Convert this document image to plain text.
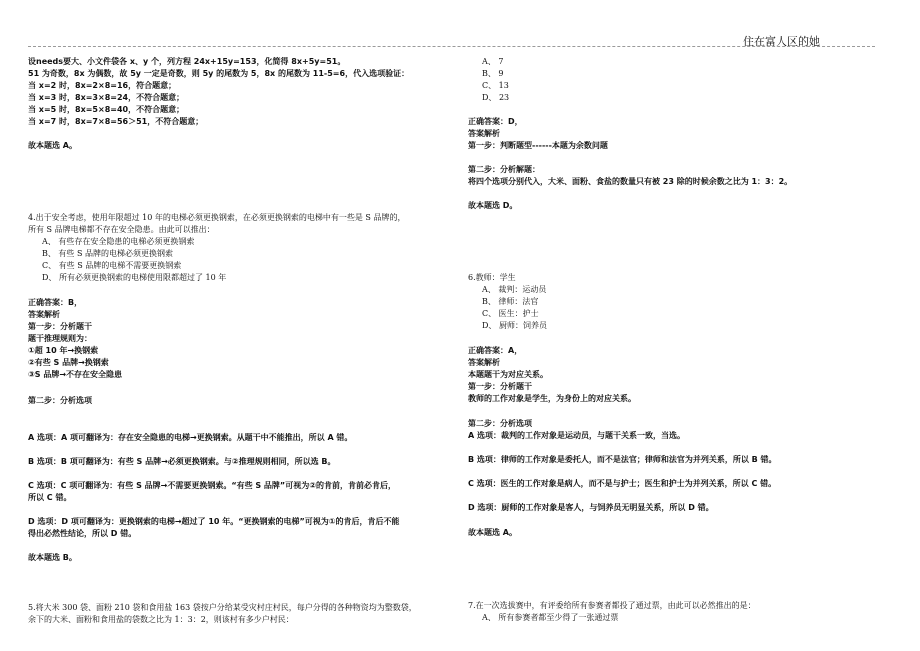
住在富人区的她
设needs要大、小文件袋各 x、y 个，列方程 24x+15y=153，化简得 8x+5y=51。
51 为奇数，8x 为偶数，故 5y 一定是奇数，则 5y 的尾数为 5，8x 的尾数为 11-5=6，代入选项验证：
当 x=2 时，8x=2×8=16，符合题意；
当 x=3 时，8x=3×8=24，不符合题意；
当 x=5 时，8x=5×8=40，不符合题意；
当 x=7 时，8x=7×8=56＞51，不符合题意；
故本题选 A。
4.出于安全考虑，使用年限超过 10 年的电梯必须更换钢索，在必须更换钢索的电梯中有一些是 S 品牌的，
所有 S 品牌电梯都不存在安全隐患。由此可以推出：
A、 有些存在安全隐患的电梯必须更换钢索
B、 有些 S 品牌的电梯必须更换钢索
C、 有些 S 品牌的电梯不需要更换钢索
D、 所有必须更换钢索的电梯使用限都超过了 10 年
正确答案：B，
答案解析
第一步：分析题干
题干推理规则为：
①超 10 年→换钢索
②有些 S 品牌→换钢索
③S 品牌→不存在安全隐患
第二步：分析选项
A 选项：A 项可翻译为：存在安全隐患的电梯→更换钢索。从题干中不能推出，所以 A 错。
B 选项：B 项可翻译为：有些 S 品牌→必须更换钢索。与②推理规则相同，所以选 B。
C 选项：C 项可翻译为：有些 S 品牌→不需要更换钢索。“有些 S 品牌”可视为②的肯前，肯前必肯后，
所以 C 错。
D 选项：D 项可翻译为：更换钢索的电梯→超过了 10 年。“更换钢索的电梯”可视为①的肯后，肯后不能
得出必然性结论，所以 D 错。
故本题选 B。
5.将大米 300 袋、面粉 210 袋和食用盐 163 袋按户分给某受灾村庄村民，每户分得的各种物资均为整数袋，
余下的大米、面粉和食用盐的袋数之比为 1：3：2，则该村有多少户村民：
A、 7
B、 9
C、 13
D、 23
正确答案：D，
答案解析
第一步：判断题型------本题为余数问题
第二步：分析解题：
将四个选项分别代入，大米、面粉、食盐的数量只有被 23 除的时候余数之比为 1：3：2。
故本题选 D。
6.教师：学生
A、 裁判：运动员
B、 律师：法官
C、 医生：护士
D、 厨师：饲养员
正确答案：A，
答案解析
本题题干为对应关系。
第一步：分析题干
教师的工作对象是学生，为身份上的对应关系。
第二步：分析选项
A 选项：裁判的工作对象是运动员，与题干关系一致，当选。
B 选项：律师的工作对象是委托人，而不是法官；律师和法官为并列关系，所以 B 错。
C 选项：医生的工作对象是病人，而不是与护士；医生和护士为并列关系，所以 C 错。
D 选项：厨师的工作对象是客人，与饲养员无明显关系，所以 D 错。
故本题选 A。
7.在一次选拔赛中，有评委给所有参赛者都投了通过票，由此可以必然推出的是：
A、 所有参赛者都至少得了一张通过票
